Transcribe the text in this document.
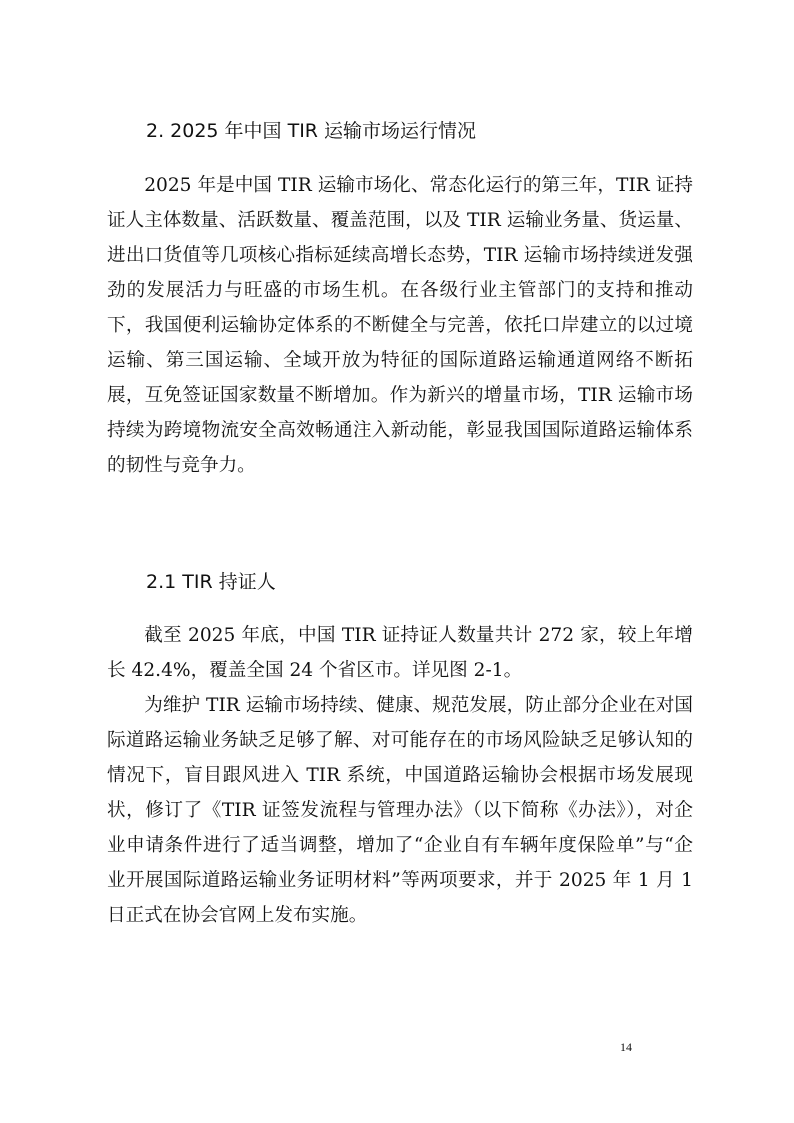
2. 2025 年中国 TIR 运输市场运行情况

2025 年是中国 TIR 运输市场化、常态化运行的第三年，TIR 证持证人主体数量、活跃数量、覆盖范围，以及 TIR 运输业务量、货运量、进出口货值等几项核心指标延续高增长态势，TIR 运输市场持续迸发强劲的发展活力与旺盛的市场生机。在各级行业主管部门的支持和推动下，我国便利运输协定体系的不断健全与完善，依托口岸建立的以过境运输、第三国运输、全域开放为特征的国际道路运输通道网络不断拓展，互免签证国家数量不断增加。作为新兴的增量市场，TIR 运输市场持续为跨境物流安全高效畅通注入新动能，彰显我国国际道路运输体系的韧性与竞争力。

2.1 TIR 持证人

截至 2025 年底，中国 TIR 证持证人数量共计 272 家，较上年增长 42.4%，覆盖全国 24 个省区市。详见图 2-1。

为维护 TIR 运输市场持续、健康、规范发展，防止部分企业在对国际道路运输业务缺乏足够了解、对可能存在的市场风险缺乏足够认知的情况下，盲目跟风进入 TIR 系统，中国道路运输协会根据市场发展现状，修订了《TIR 证签发流程与管理办法》（以下简称《办法》），对企业申请条件进行了适当调整，增加了“企业自有车辆年度保险单”与“企业开展国际道路运输业务证明材料”等两项要求，并于 2025 年 1 月 1 日正式在协会官网上发布实施。

14
